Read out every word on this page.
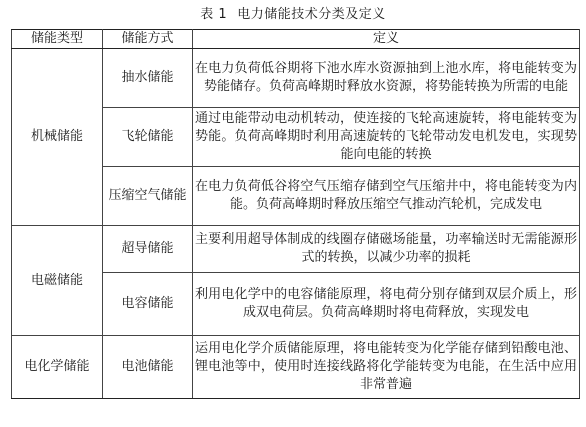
表 1 电力储能技术分类及定义
储能类型	储能方式	定义
机械储能	抽水储能	在电力负荷低谷期将下池水库水资源抽到上池水库，将电能转变为势能储存。负荷高峰期时释放水资源，将势能转换为所需的电能
	飞轮储能	通过电能带动电动机转动，使连接的飞轮高速旋转，将电能转变为势能。负荷高峰期时利用高速旋转的飞轮带动发电机发电，实现势能向电能的转换
	压缩空气储能	在电力负荷低谷将空气压缩存储到空气压缩井中，将电能转变为内能。负荷高峰期时释放压缩空气推动汽轮机，完成发电
电磁储能	超导储能	主要利用超导体制成的线圈存储磁场能量，功率输送时无需能源形式的转换，以减少功率的损耗
	电容储能	利用电化学中的电容储能原理，将电荷分别存储到双层介质上，形成双电荷层。负荷高峰期时将电荷释放，实现发电
电化学储能	电池储能	运用电化学介质储能原理，将电能转变为化学能存储到铅酸电池、锂电池等中，使用时连接线路将化学能转变为电能，在生活中应用非常普遍
